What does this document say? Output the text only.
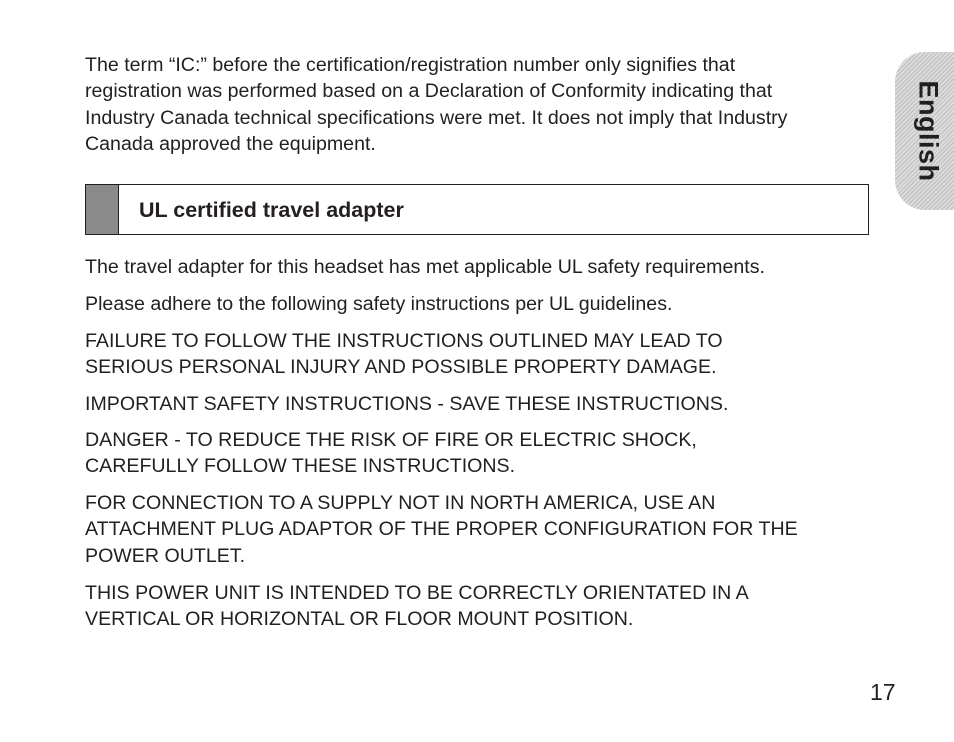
The term “IC:” before the certification/registration number only signifies that
registration was performed based on a Declaration of Conformity indicating that
Industry Canada technical specifications were met. It does not imply that Industry
Canada approved the equipment.

UL certified travel adapter

The travel adapter for this headset has met applicable UL safety requirements.

Please adhere to the following safety instructions per UL guidelines.

FAILURE TO FOLLOW THE INSTRUCTIONS OUTLINED MAY LEAD TO
SERIOUS PERSONAL INJURY AND POSSIBLE PROPERTY DAMAGE.

IMPORTANT SAFETY INSTRUCTIONS - SAVE THESE INSTRUCTIONS.

DANGER - TO REDUCE THE RISK OF FIRE OR ELECTRIC SHOCK,
CAREFULLY FOLLOW THESE INSTRUCTIONS.

FOR CONNECTION TO A SUPPLY NOT IN NORTH AMERICA, USE AN
ATTACHMENT PLUG ADAPTOR OF THE PROPER CONFIGURATION FOR THE
POWER OUTLET.

THIS POWER UNIT IS INTENDED TO BE CORRECTLY ORIENTATED IN A
VERTICAL OR HORIZONTAL OR FLOOR MOUNT POSITION.

English
17
